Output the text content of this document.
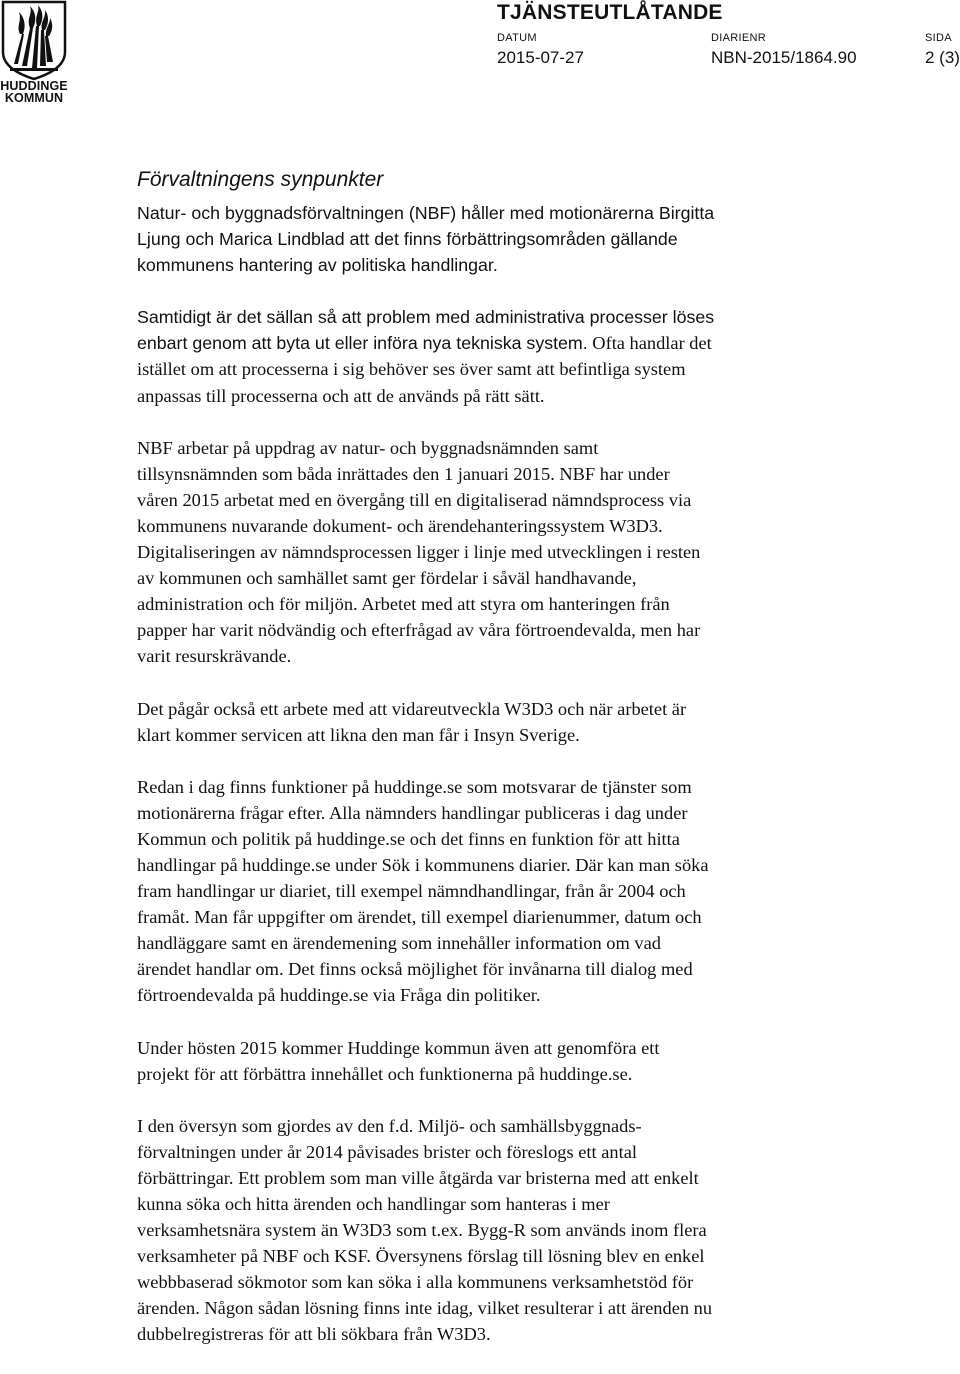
HUDDINGE
KOMMUN
TJÄNSTEUTLÅTANDE
DATUM
2015-07-27
DIARIENR
NBN-2015/1864.90
SIDA
2 (3)
Förvaltningens synpunkter

Natur- och byggnadsförvaltningen (NBF) håller med motionärerna Birgitta
Ljung och Marica Lindblad att det finns förbättringsområden gällande
kommunens hantering av politiska handlingar.

Samtidigt är det sällan så att problem med administrativa processer löses
enbart genom att byta ut eller införa nya tekniska system. Ofta handlar det
istället om att processerna i sig behöver ses över samt att befintliga system
anpassas till processerna och att de används på rätt sätt.

NBF arbetar på uppdrag av natur- och byggnadsnämnden samt
tillsynsnämnden som båda inrättades den 1 januari 2015. NBF har under
våren 2015 arbetat med en övergång till en digitaliserad nämndsprocess via
kommunens nuvarande dokument- och ärendehanteringssystem W3D3.
Digitaliseringen av nämndsprocessen ligger i linje med utvecklingen i resten
av kommunen och samhället samt ger fördelar i såväl handhavande,
administration och för miljön. Arbetet med att styra om hanteringen från
papper har varit nödvändig och efterfrågad av våra förtroendevalda, men har
varit resurskrävande.

Det pågår också ett arbete med att vidareutveckla W3D3 och när arbetet är
klart kommer servicen att likna den man får i Insyn Sverige.

Redan i dag finns funktioner på huddinge.se som motsvarar de tjänster som
motionärerna frågar efter. Alla nämnders handlingar publiceras i dag under
Kommun och politik på huddinge.se och det finns en funktion för att hitta
handlingar på huddinge.se under Sök i kommunens diarier. Där kan man söka
fram handlingar ur diariet, till exempel nämndhandlingar, från år 2004 och
framåt. Man får uppgifter om ärendet, till exempel diarienummer, datum och
handläggare samt en ärendemening som innehåller information om vad
ärendet handlar om. Det finns också möjlighet för invånarna till dialog med
förtroendevalda på huddinge.se via Fråga din politiker.

Under hösten 2015 kommer Huddinge kommun även att genomföra ett
projekt för att förbättra innehållet och funktionerna på huddinge.se.

I den översyn som gjordes av den f.d. Miljö- och samhällsbyggnads-
förvaltningen under år 2014 påvisades brister och föreslogs ett antal
förbättringar. Ett problem som man ville åtgärda var bristerna med att enkelt
kunna söka och hitta ärenden och handlingar som hanteras i mer
verksamhetsnära system än W3D3 som t.ex. Bygg-R som används inom flera
verksamheter på NBF och KSF. Översynens förslag till lösning blev en enkel
webbbaserad sökmotor som kan söka i alla kommunens verksamhetstöd för
ärenden. Någon sådan lösning finns inte idag, vilket resulterar i att ärenden nu
dubbelregistreras för att bli sökbara från W3D3.
